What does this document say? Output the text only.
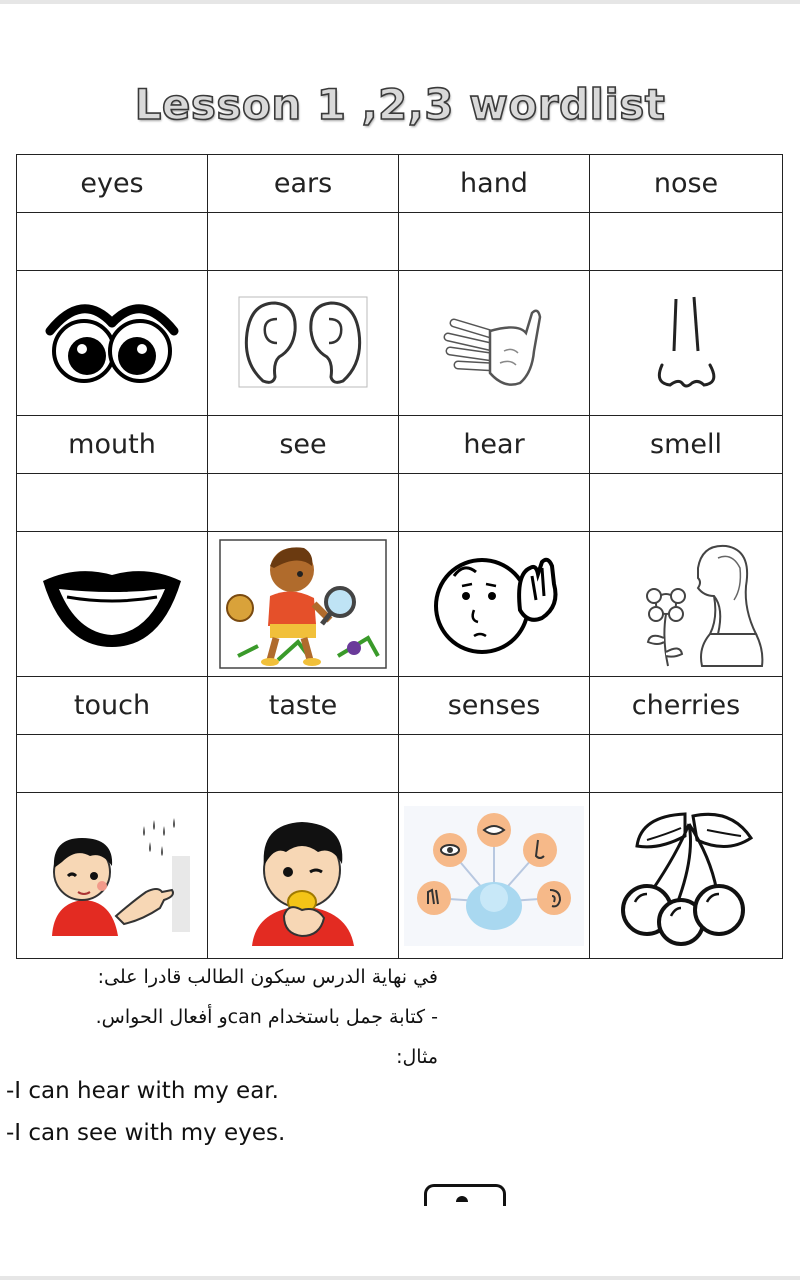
Lesson 1 ,2,3 wordlist
eyes	ears	hand	nose

mouth	see	hear	smell

touch	taste	senses	cherries

في نهاية الدرس سيكون الطالب قادرا على:
- كتابة جمل باستخدام canو أفعال الحواس.
مثال:
-I can hear with my ear.
-I can see with my eyes.
